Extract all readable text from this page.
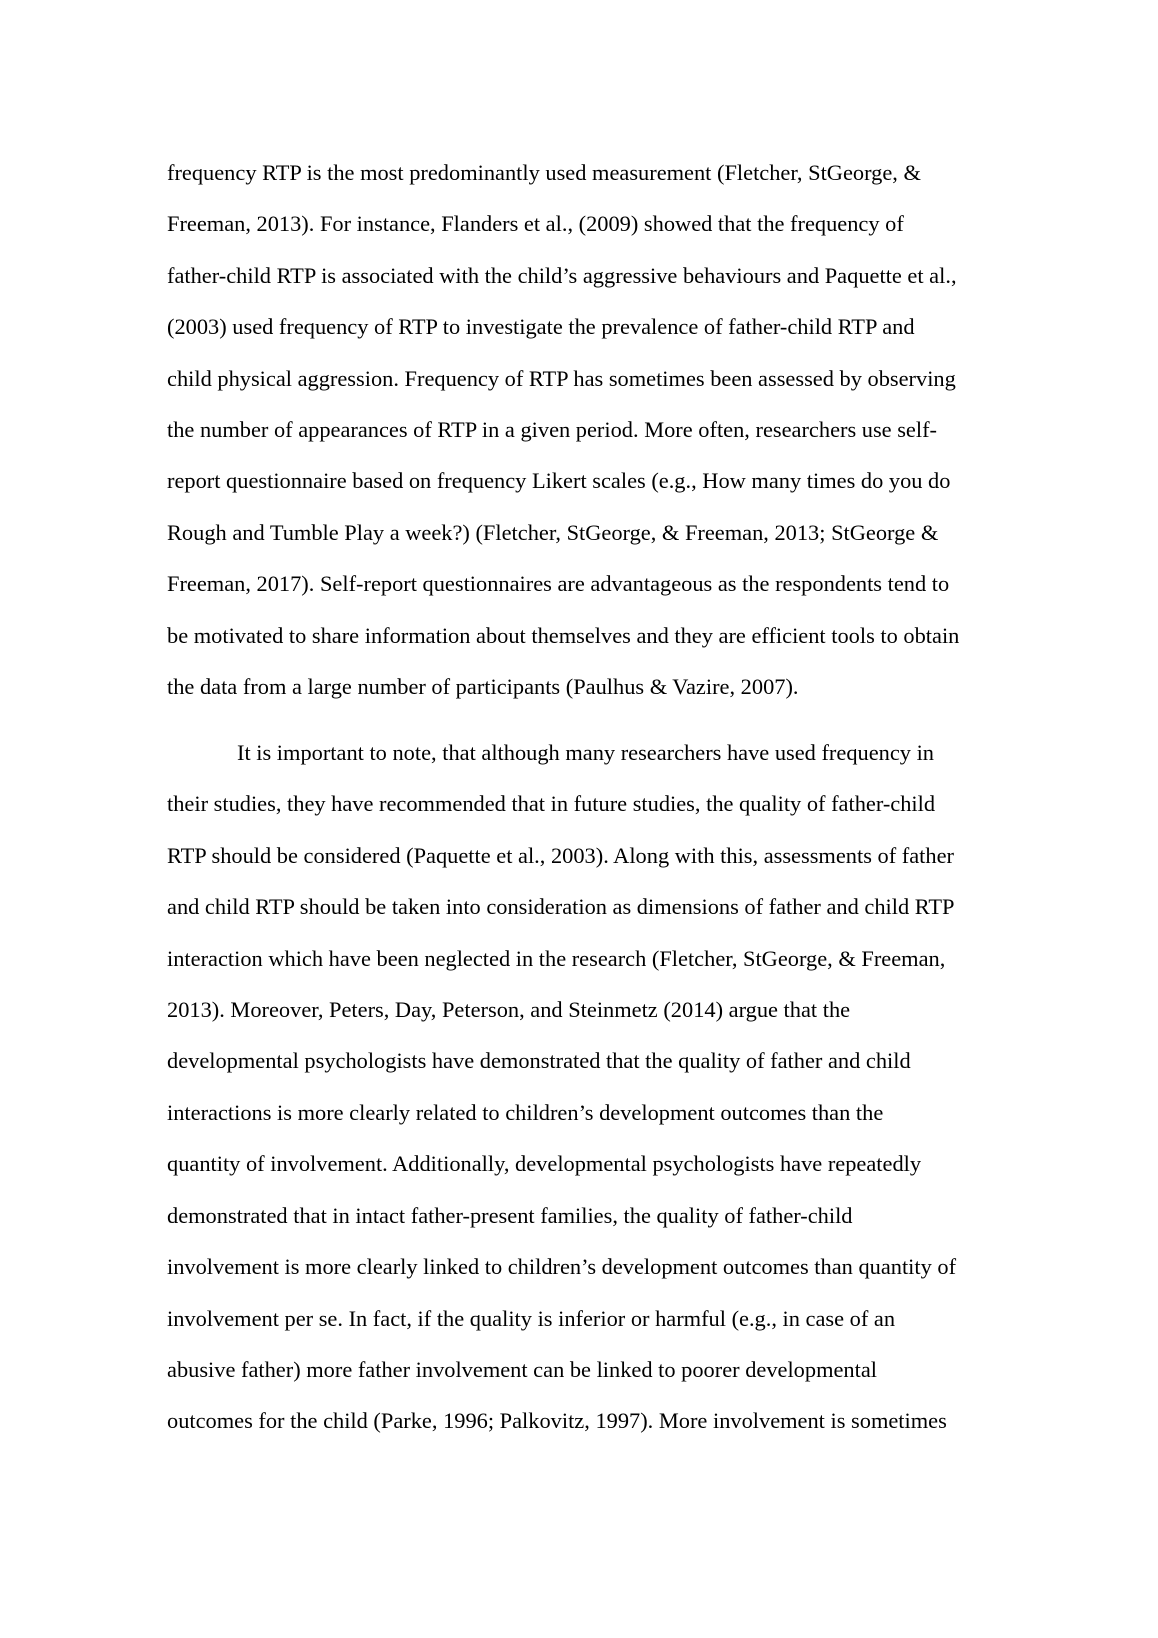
frequency RTP is the most predominantly used measurement (Fletcher, StGeorge, &
Freeman, 2013). For instance, Flanders et al., (2009) showed that the frequency of
father-child RTP is associated with the child’s aggressive behaviours and Paquette et al.,
(2003) used frequency of RTP to investigate the prevalence of father-child RTP and
child physical aggression. Frequency of RTP has sometimes been assessed by observing
the number of appearances of RTP in a given period. More often, researchers use self-
report questionnaire based on frequency Likert scales (e.g., How many times do you do
Rough and Tumble Play a week?) (Fletcher, StGeorge, & Freeman, 2013; StGeorge &
Freeman, 2017). Self-report questionnaires are advantageous as the respondents tend to
be motivated to share information about themselves and they are efficient tools to obtain
the data from a large number of participants (Paulhus & Vazire, 2007).
It is important to note, that although many researchers have used frequency in
their studies, they have recommended that in future studies, the quality of father-child
RTP should be considered (Paquette et al., 2003). Along with this, assessments of father
and child RTP should be taken into consideration as dimensions of father and child RTP
interaction which have been neglected in the research (Fletcher, StGeorge, & Freeman,
2013). Moreover, Peters, Day, Peterson, and Steinmetz (2014) argue that the
developmental psychologists have demonstrated that the quality of father and child
interactions is more clearly related to children’s development outcomes than the
quantity of involvement. Additionally, developmental psychologists have repeatedly
demonstrated that in intact father-present families, the quality of father-child
involvement is more clearly linked to children’s development outcomes than quantity of
involvement per se. In fact, if the quality is inferior or harmful (e.g., in case of an
abusive father) more father involvement can be linked to poorer developmental
outcomes for the child (Parke, 1996; Palkovitz, 1997). More involvement is sometimes
